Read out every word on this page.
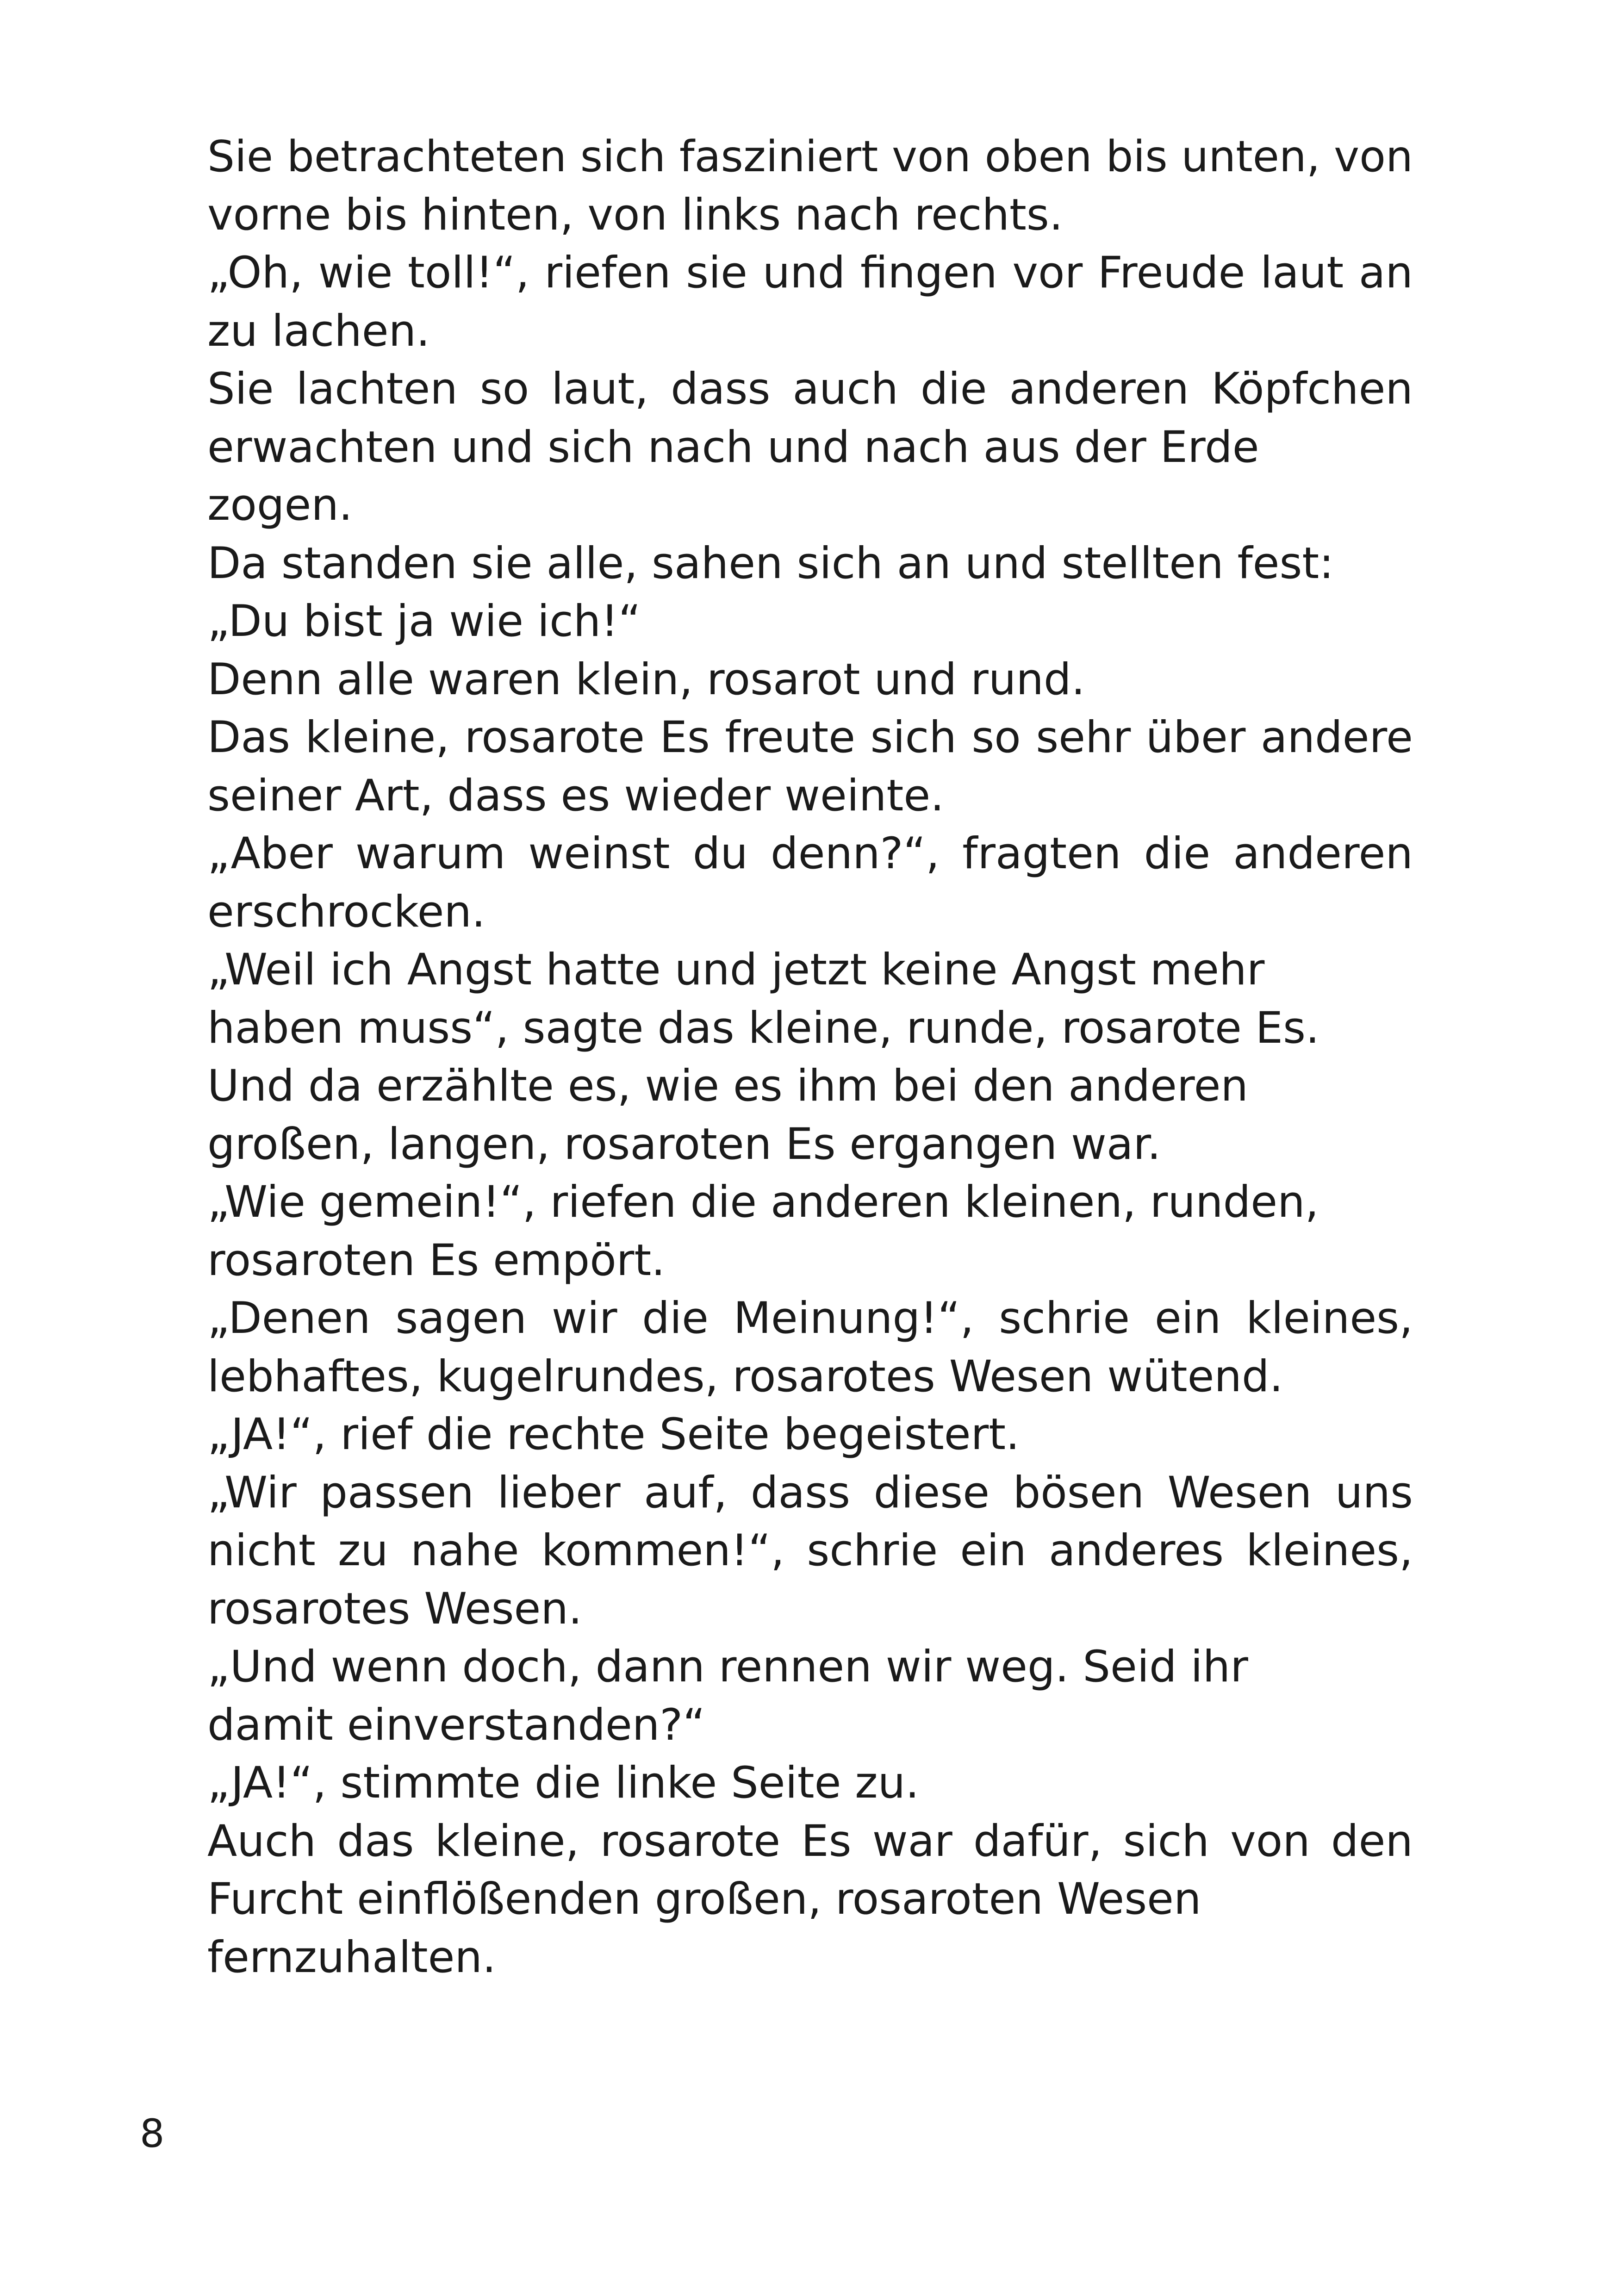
Sie betrachteten sich fasziniert von oben bis unten, von
vorne bis hinten, von links nach rechts.
„Oh, wie toll!“, riefen sie und fingen vor Freude laut an
zu lachen.
Sie lachten so laut, dass auch die anderen Köpfchen
erwachten und sich nach und nach aus der Erde
zogen.
Da standen sie alle, sahen sich an und stellten fest:
„Du bist ja wie ich!“
Denn alle waren klein, rosarot und rund.
Das kleine, rosarote Es freute sich so sehr über andere
seiner Art, dass es wieder weinte.
„Aber warum weinst du denn?“, fragten die anderen
erschrocken.
„Weil ich Angst hatte und jetzt keine Angst mehr
haben muss“, sagte das kleine, runde, rosarote Es.
Und da erzählte es, wie es ihm bei den anderen
großen, langen, rosaroten Es ergangen war.
„Wie gemein!“, riefen die anderen kleinen, runden,
rosaroten Es empört.
„Denen sagen wir die Meinung!“, schrie ein kleines,
lebhaftes, kugelrundes, rosarotes Wesen wütend.
„JA!“, rief die rechte Seite begeistert.
„Wir passen lieber auf, dass diese bösen Wesen uns
nicht zu nahe kommen!“, schrie ein anderes kleines,
rosarotes Wesen.
„Und wenn doch, dann rennen wir weg. Seid ihr
damit einverstanden?“
„JA!“, stimmte die linke Seite zu.
Auch das kleine, rosarote Es war dafür, sich von den
Furcht einflößenden großen, rosaroten Wesen
fernzuhalten.
8
